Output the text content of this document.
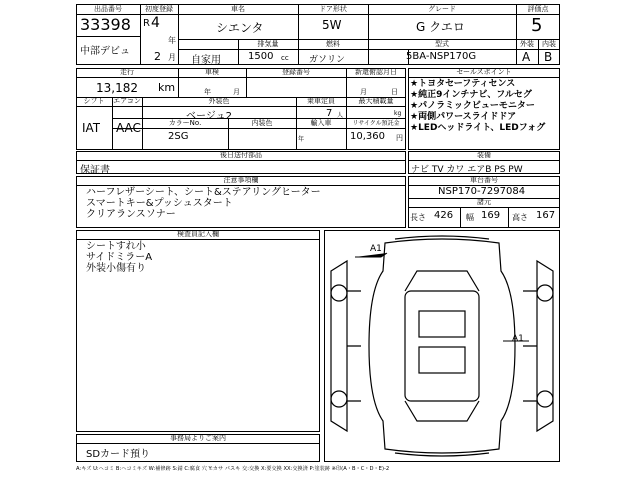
出品番号
33398
中部デビュ
初度登録
R 4
年
2 月
車名
シエンタ
ドア形状
5W
グレード
G クエロ
評価点
5
自家用
排気量
1500 cc
燃料
ガソリン
型式
5BA-NSP170G
外装	内装
A B
走行
13,182 km
車検
年	月
登録番号	新還俯認月日
月	日
シフト
IAT
エアコン
AAC
外装色
ベージュ2
乗車定員
7 人
最大積載量
kg
カラーNo.
2SG
内装色	輸入車
年
リサイクル預託金
10,360 円
セールスポイント
★トヨタセーフティセンス
★純正9インチナビ、フルセグ
★パノラミックビューモニター
★両側パワースライドドア
★LEDヘッドライト、LEDフォグ
後日送付部品
保証書
装備
ナビ TV カワ エアB PS PW
注意事項欄
ハーフレザーシート、シート&ステアリングヒーター
スマートキー&プッシュスタート
クリアランスソナー
車台番号
NSP170-7297084
諸元
長さ 426 幅 169 高さ 167
検査員記入欄
シートすれ小
サイドミラーA
外装小傷有り
事務局よりご案内
SDカード預り
A1
A1
A:キズ U:ヘコミ B:ヘコミキズ W:補修跡 S:錆 C:腐食 穴 Y:カサ パスキ 交:交換 X:要交換 XX:交換済 P:塗装跡 ※印(A・B・C・D・E)-2
